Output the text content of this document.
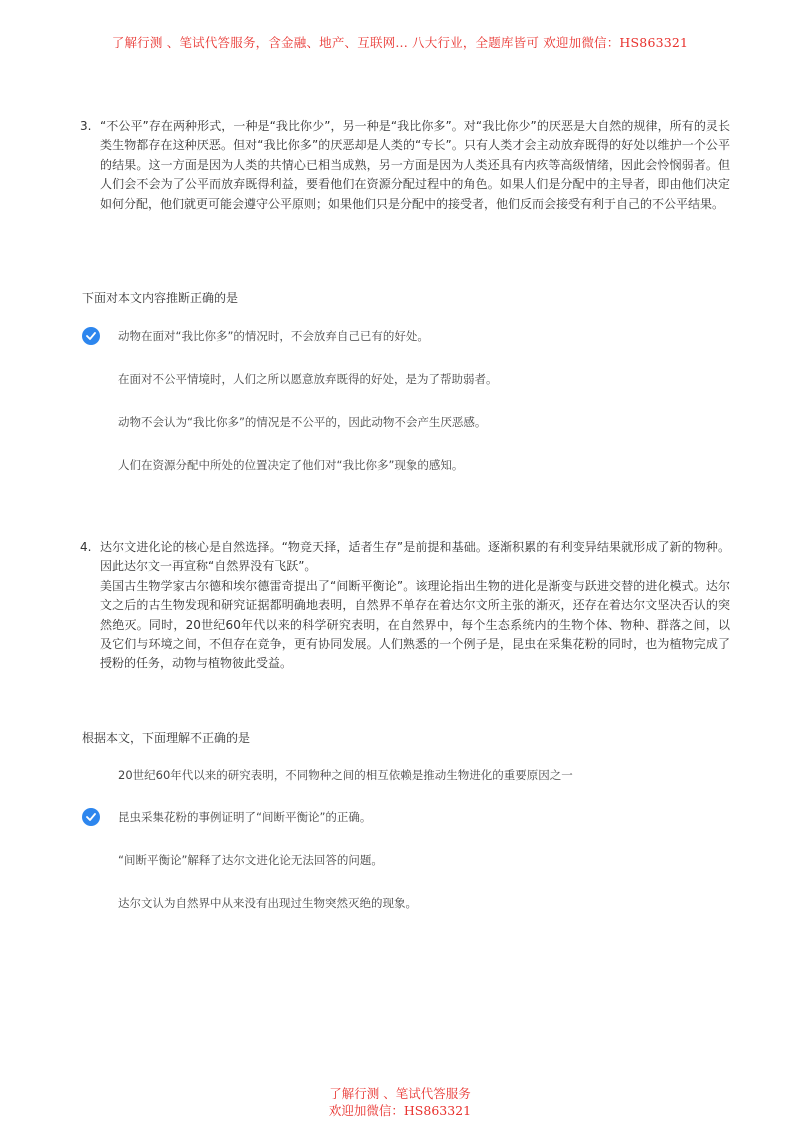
了解行测 、笔试代答服务，含金融、地产、互联网... 八大行业，全题库皆可 欢迎加微信：HS863321
3. “不公平”存在两种形式，一种是“我比你少”，另一种是“我比你多”。对“我比你少”的厌恶是大自然的规律，所有的灵长类生物都存在这种厌恶。但对“我比你多”的厌恶却是人类的“专长”。只有人类才会主动放弃既得的好处以维护一个公平的结果。这一方面是因为人类的共情心已相当成熟，另一方面是因为人类还具有内疚等高级情绪，因此会怜悯弱者。但人们会不会为了公平而放弃既得利益，要看他们在资源分配过程中的角色。如果人们是分配中的主导者，即由他们决定如何分配，他们就更可能会遵守公平原则；如果他们只是分配中的接受者，他们反而会接受有利于自己的不公平结果。

下面对本文内容推断正确的是
动物在面对“我比你多”的情况时，不会放弃自己已有的好处。
在面对不公平情境时，人们之所以愿意放弃既得的好处，是为了帮助弱者。
动物不会认为“我比你多”的情况是不公平的，因此动物不会产生厌恶感。
人们在资源分配中所处的位置决定了他们对“我比你多”现象的感知。
4. 达尔文进化论的核心是自然选择。“物竞天择，适者生存”是前提和基础。逐渐积累的有利变异结果就形成了新的物种。因此达尔文一再宣称“自然界没有飞跃”。

美国古生物学家古尔德和埃尔德雷奇提出了“间断平衡论”。该理论指出生物的进化是渐变与跃进交替的进化模式。达尔文之后的古生物发现和研究证据都明确地表明，自然界不单存在着达尔文所主张的渐灭，还存在着达尔文坚决否认的突然绝灭。同时，20世纪60年代以来的科学研究表明，在自然界中，每个生态系统内的生物个体、物种、群落之间，以及它们与环境之间，不但存在竞争，更有协同发展。人们熟悉的一个例子是，昆虫在采集花粉的同时，也为植物完成了授粉的任务，动物与植物彼此受益。

根据本文，下面理解不正确的是
20世纪60年代以来的研究表明，不同物种之间的相互依赖是推动生物进化的重要原因之一
昆虫采集花粉的事例证明了“间断平衡论”的正确。
“间断平衡论”解释了达尔文进化论无法回答的问题。
达尔文认为自然界中从来没有出现过生物突然灭绝的现象。
了解行测 、笔试代答服务
欢迎加微信：HS863321
